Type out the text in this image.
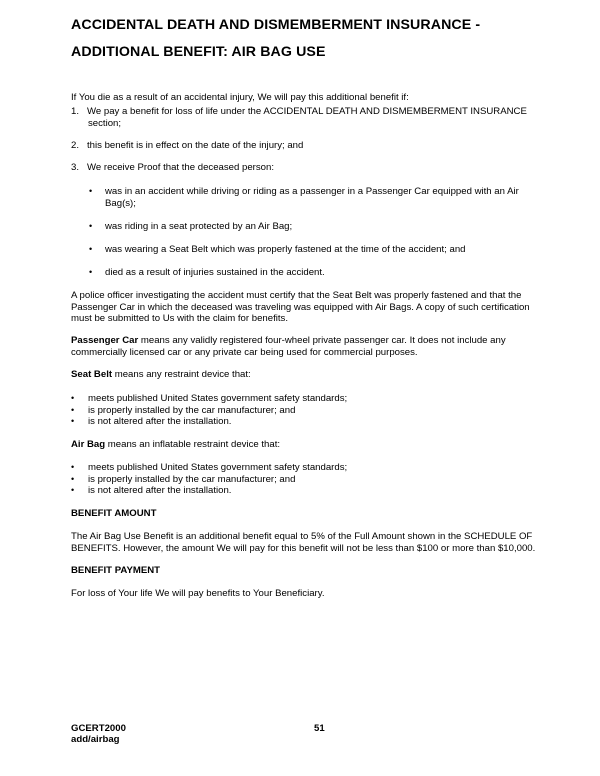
ACCIDENTAL DEATH AND DISMEMBERMENT INSURANCE -
ADDITIONAL BENEFIT: AIR BAG USE
If You die as a result of an accidental injury, We will pay this additional benefit if:
1. We pay a benefit for loss of life under the ACCIDENTAL DEATH AND DISMEMBERMENT INSURANCE
section;
2. this benefit is in effect on the date of the injury; and
3. We receive Proof that the deceased person:
•	was in an accident while driving or riding as a passenger in a Passenger Car equipped with an Air
Bag(s);
•	was riding in a seat protected by an Air Bag;
•	was wearing a Seat Belt which was properly fastened at the time of the accident; and
•	died as a result of injuries sustained in the accident.
A police officer investigating the accident must certify that the Seat Belt was properly fastened and that the
Passenger Car in which the deceased was traveling was equipped with Air Bags. A copy of such certification
must be submitted to Us with the claim for benefits.
Passenger Car means any validly registered four-wheel private passenger car. It does not include any
commercially licensed car or any private car being used for commercial purposes.
Seat Belt means any restraint device that:
• meets published United States government safety standards;
• is properly installed by the car manufacturer; and
• is not altered after the installation.
Air Bag means an inflatable restraint device that:
• meets published United States government safety standards;
• is properly installed by the car manufacturer; and
• is not altered after the installation.
BENEFIT AMOUNT
The Air Bag Use Benefit is an additional benefit equal to 5% of the Full Amount shown in the SCHEDULE OF
BENEFITS. However, the amount We will pay for this benefit will not be less than $100 or more than $10,000.
BENEFIT PAYMENT
For loss of Your life We will pay benefits to Your Beneficiary.
GCERT2000
add/airbag
51
